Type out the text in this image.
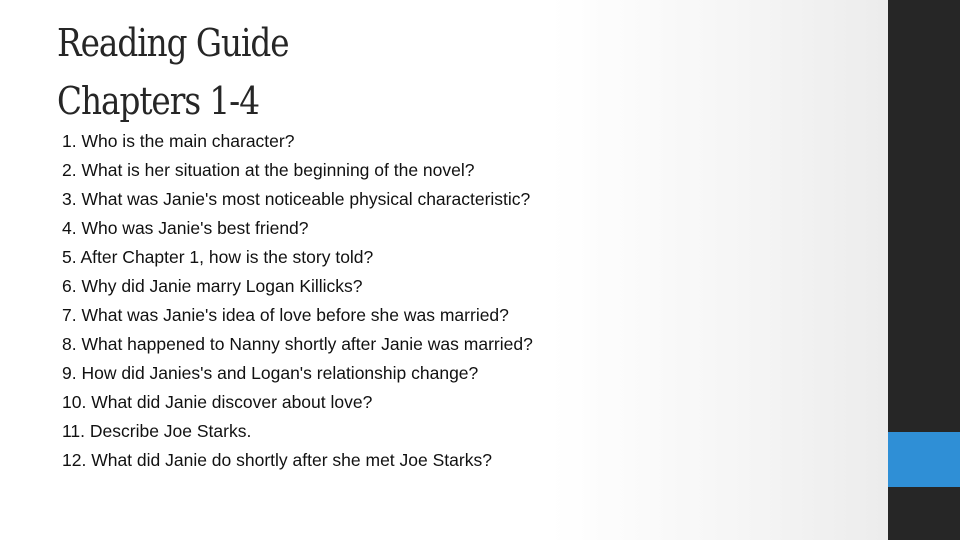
Reading Guide
Chapters 1-4
1. Who is the main character?
2. What is her situation at the beginning of the novel?
3. What was Janie's most noticeable physical characteristic?
4. Who was Janie's best friend?
5. After Chapter 1, how is the story told?
6. Why did Janie marry Logan Killicks?
7. What was Janie's idea of love before she was married?
8. What happened to Nanny shortly after Janie was married?
9. How did Janies's and Logan's relationship change?
10. What did Janie discover about love?
11. Describe Joe Starks.
12. What did Janie do shortly after she met Joe Starks?
